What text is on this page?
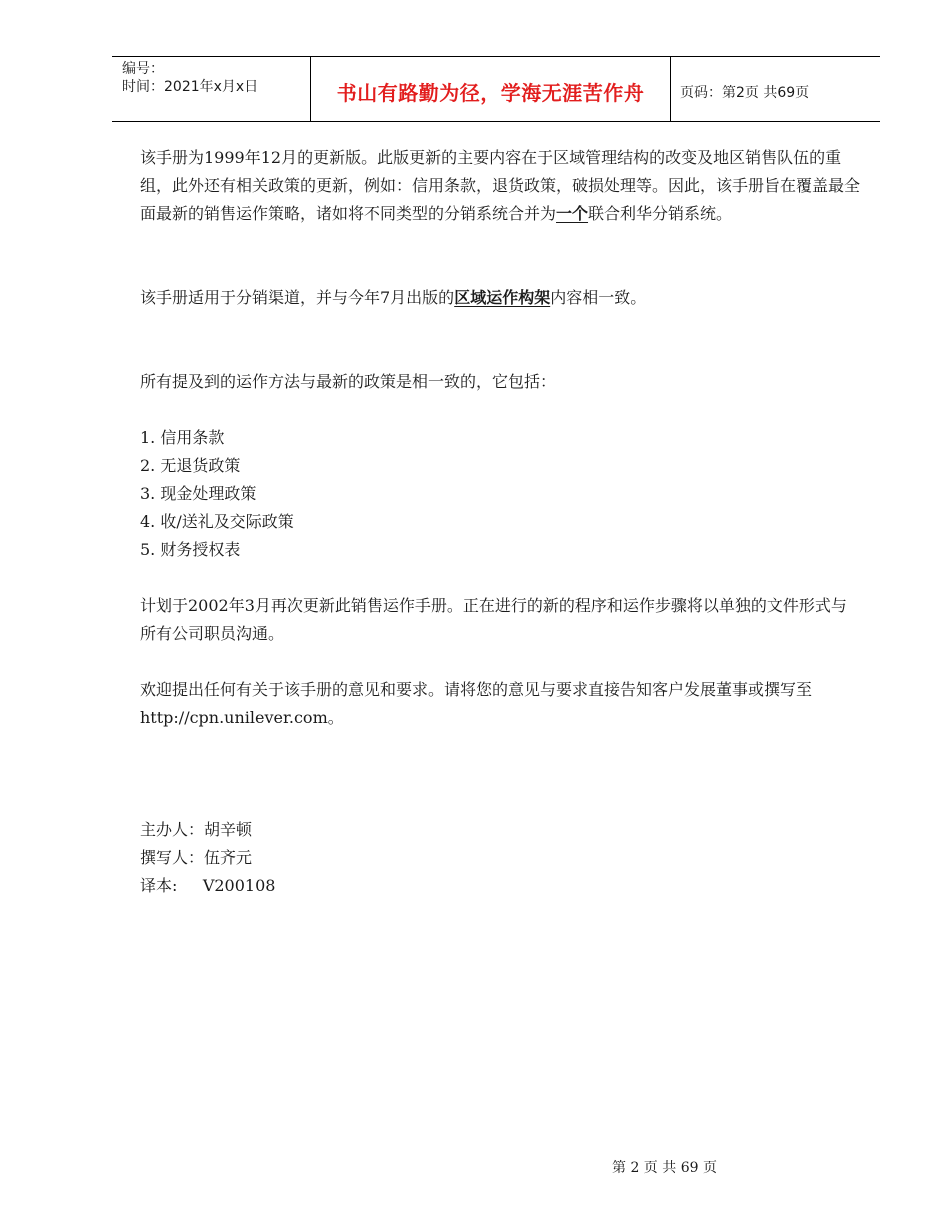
编号：
时间：2021年x月x日	书山有路勤为径，学海无涯苦作舟	页码：第2页 共69页
该手册为1999年12月的更新版。此版更新的主要内容在于区域管理结构的改变及地区销售队伍的重组，此外还有相关政策的更新，例如：信用条款，退货政策，破损处理等。因此，该手册旨在覆盖最全面最新的销售运作策略，诸如将不同类型的分销系统合并为一个联合利华分销系统。
该手册适用于分销渠道，并与今年7月出版的区域运作构架内容相一致。
所有提及到的运作方法与最新的政策是相一致的，它包括：
1. 信用条款
2. 无退货政策
3. 现金处理政策
4. 收/送礼及交际政策
5. 财务授权表
计划于2002年3月再次更新此销售运作手册。正在进行的新的程序和运作步骤将以单独的文件形式与所有公司职员沟通。
欢迎提出任何有关于该手册的意见和要求。请将您的意见与要求直接告知客户发展董事或撰写至 http://cpn.unilever.com。
主办人：胡辛顿
撰写人：伍齐元
译本:     V200108
第 2 页 共 69 页
